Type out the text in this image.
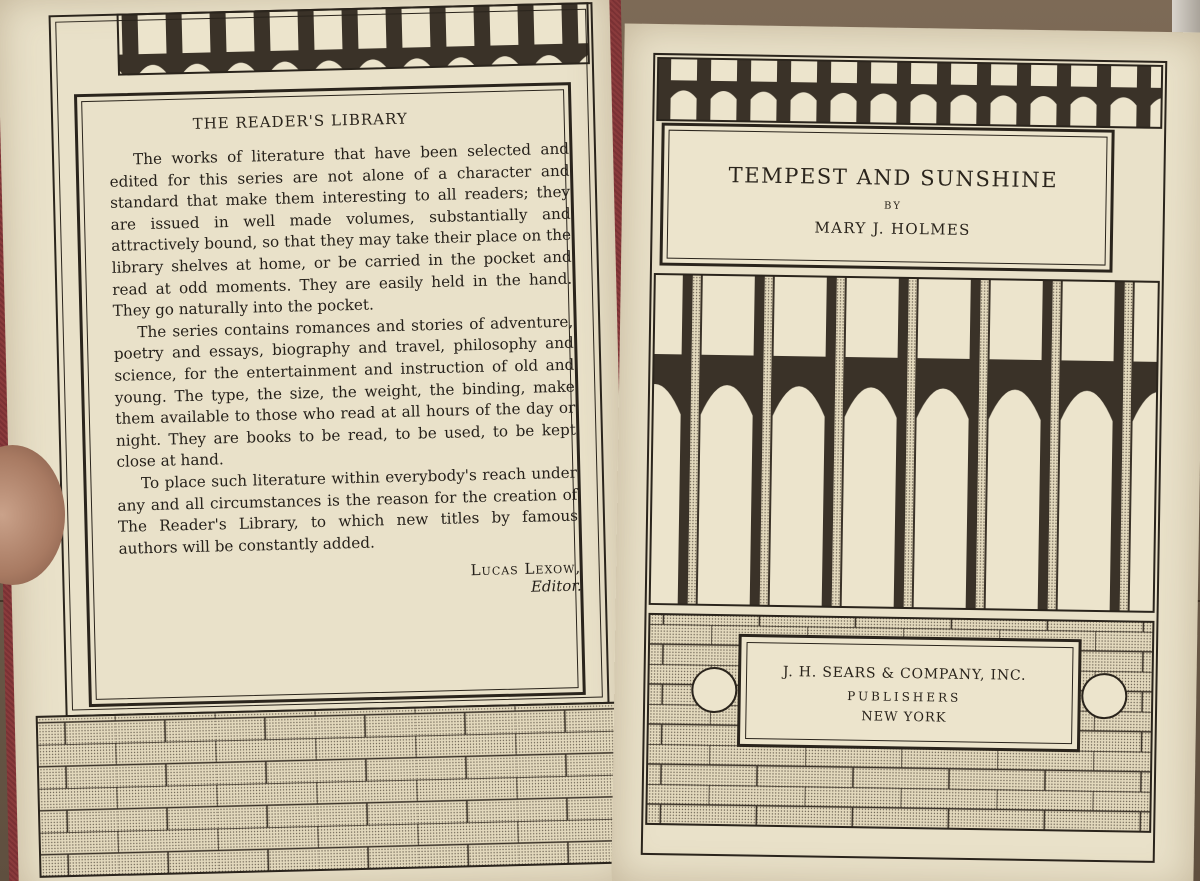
THE READER'S LIBRARY

The works of literature that have been selected and edited for this series are not alone of a character and standard that make them interesting to all readers; they are issued in well made volumes, substantially and attractively bound, so that they may take their place on the library shelves at home, or be carried in the pocket and read at odd moments. They are easily held in the hand. They go naturally into the pocket.

The series contains romances and stories of adventure, poetry and essays, biography and travel, philosophy and science, for the entertainment and instruction of old and young. The type, the size, the weight, the binding, make them available to those who read at all hours of the day or night. They are books to be read, to be used, to be kept close at hand.

To place such literature within everybody's reach under any and all circumstances is the reason for the creation of The Reader's Library, to which new titles by famous authors will be constantly added.

Lucas Lexow,
Editor.
TEMPEST AND SUNSHINE
BY
MARY J. HOLMES
J. H. SEARS & COMPANY, INC.
PUBLISHERS
NEW YORK
